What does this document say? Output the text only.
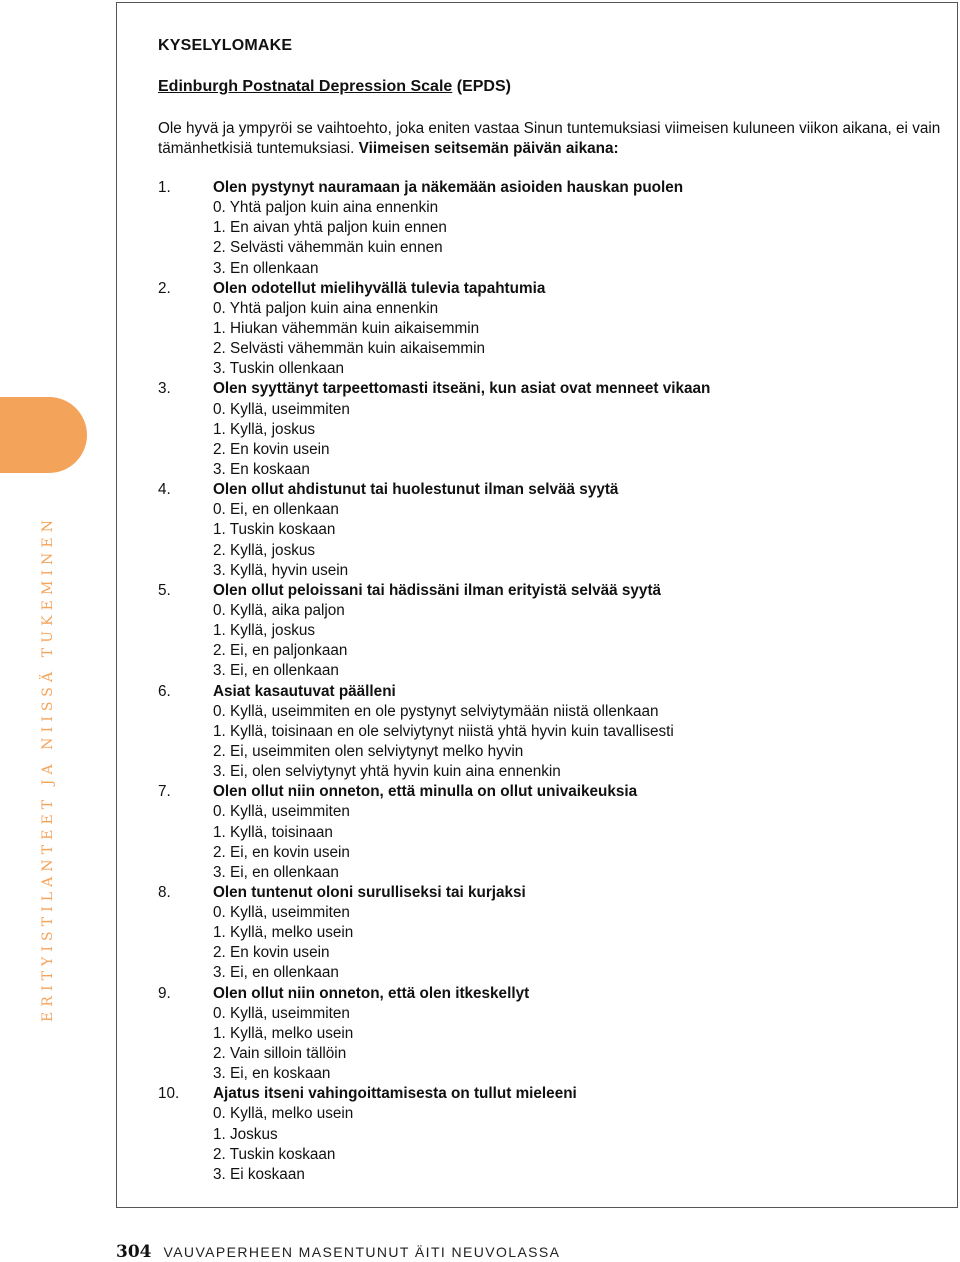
ERITYISTILANTEET JA NIISSÄ TUKEMINEN
KYSELYLOMAKE
Edinburgh Postnatal Depression Scale (EPDS)
Ole hyvä ja ympyröi se vaihtoehto, joka eniten vastaa Sinun tuntemuksiasi viimeisen kuluneen viikon aikana, ei vain tämänhetkisiä tuntemuksiasi. Viimeisen seitsemän päivän aikana:
1.	Olen pystynyt nauramaan ja näkemään asioiden hauskan puolen
0. Yhtä paljon kuin aina ennenkin
1. En aivan yhtä paljon kuin ennen
2. Selvästi vähemmän kuin ennen
3. En ollenkaan
2.	Olen odotellut mielihyvällä tulevia tapahtumia
0. Yhtä paljon kuin aina ennenkin
1. Hiukan vähemmän kuin aikaisemmin
2. Selvästi vähemmän kuin aikaisemmin
3. Tuskin ollenkaan
3.	Olen syyttänyt tarpeettomasti itseäni, kun asiat ovat menneet vikaan
0. Kyllä, useimmiten
1. Kyllä, joskus
2. En kovin usein
3. En koskaan
4.	Olen ollut ahdistunut tai huolestunut ilman selvää syytä
0. Ei, en ollenkaan
1. Tuskin koskaan
2. Kyllä, joskus
3. Kyllä, hyvin usein
5.	Olen ollut peloissani tai hädissäni ilman erityistä selvää syytä
0. Kyllä, aika paljon
1. Kyllä, joskus
2. Ei, en paljonkaan
3. Ei, en ollenkaan
6.	Asiat kasautuvat päälleni
0. Kyllä, useimmiten en ole pystynyt selviytymään niistä ollenkaan
1. Kyllä, toisinaan en ole selviytynyt niistä yhtä hyvin kuin tavallisesti
2. Ei, useimmiten olen selviytynyt melko hyvin
3. Ei, olen selviytynyt yhtä hyvin kuin aina ennenkin
7.	Olen ollut niin onneton, että minulla on ollut univaikeuksia
0. Kyllä, useimmiten
1. Kyllä, toisinaan
2. Ei, en kovin usein
3. Ei, en ollenkaan
8.	Olen tuntenut oloni surulliseksi tai kurjaksi
0. Kyllä, useimmiten
1. Kyllä, melko usein
2. En kovin usein
3. Ei, en ollenkaan
9.	Olen ollut niin onneton, että olen itkeskellyt
0. Kyllä, useimmiten
1. Kyllä, melko usein
2. Vain silloin tällöin
3. Ei, en koskaan
10.	Ajatus itseni vahingoittamisesta on tullut mieleeni
0. Kyllä, melko usein
1. Joskus
2. Tuskin koskaan
3. Ei koskaan
304 VAUVAPERHEEN MASENTUNUT ÄITI NEUVOLASSA
